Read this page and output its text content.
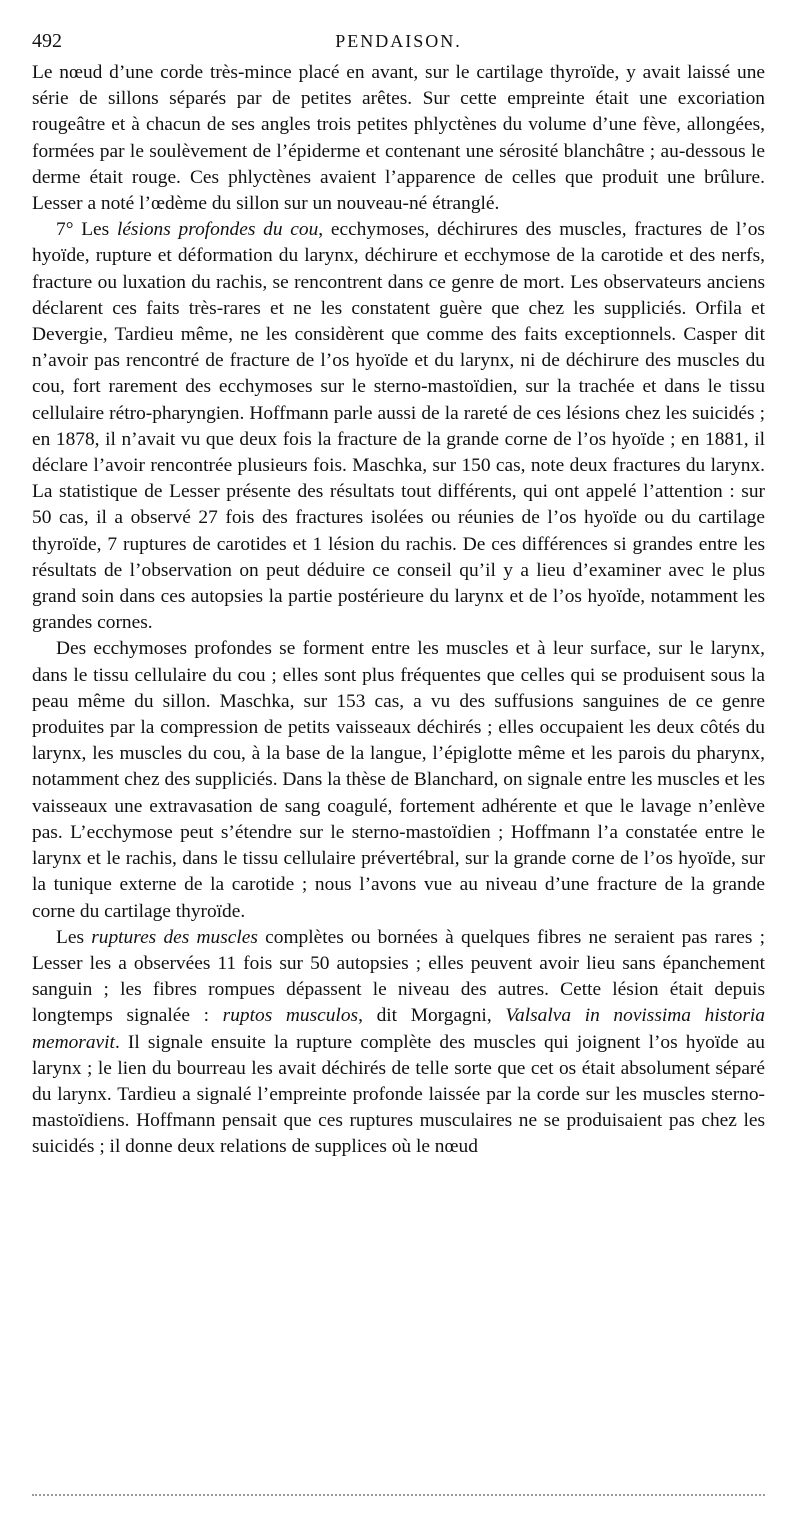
492	PENDAISON.

Le nœud d’une corde très-mince placé en avant, sur le cartilage thyroïde, y avait laissé une série de sillons séparés par de petites arêtes. Sur cette empreinte était une excoriation rougeâtre et à chacun de ses angles trois petites phlyctènes du volume d’une fève, allongées, formées par le soulèvement de l’épiderme et contenant une sérosité blanchâtre ; au-dessous le derme était rouge. Ces phlyctènes avaient l’apparence de celles que produit une brûlure. Lesser a noté l’œdème du sillon sur un nouveau-né étranglé.

7° Les lésions profondes du cou, ecchymoses, déchirures des muscles, fractures de l’os hyoïde, rupture et déformation du larynx, déchirure et ecchymose de la carotide et des nerfs, fracture ou luxation du rachis, se rencontrent dans ce genre de mort. Les observateurs anciens déclarent ces faits très-rares et ne les constatent guère que chez les suppliciés. Orfila et Devergie, Tardieu même, ne les considèrent que comme des faits exceptionnels. Casper dit n’avoir pas rencontré de fracture de l’os hyoïde et du larynx, ni de déchirure des muscles du cou, fort rarement des ecchymoses sur le sterno-mastoïdien, sur la trachée et dans le tissu cellulaire rétro-pharyngien. Hoffmann parle aussi de la rareté de ces lésions chez les suicidés ; en 1878, il n’avait vu que deux fois la fracture de la grande corne de l’os hyoïde ; en 1881, il déclare l’avoir rencontrée plusieurs fois. Maschka, sur 150 cas, note deux fractures du larynx. La statistique de Lesser présente des résultats tout différents, qui ont appelé l’attention : sur 50 cas, il a observé 27 fois des fractures isolées ou réunies de l’os hyoïde ou du cartilage thyroïde, 7 ruptures de carotides et 1 lésion du rachis. De ces différences si grandes entre les résultats de l’observation on peut déduire ce conseil qu’il y a lieu d’examiner avec le plus grand soin dans ces autopsies la partie postérieure du larynx et de l’os hyoïde, notamment les grandes cornes.

Des ecchymoses profondes se forment entre les muscles et à leur surface, sur le larynx, dans le tissu cellulaire du cou ; elles sont plus fréquentes que celles qui se produisent sous la peau même du sillon. Maschka, sur 153 cas, a vu des suffusions sanguines de ce genre produites par la compression de petits vaisseaux déchirés ; elles occupaient les deux côtés du larynx, les muscles du cou, à la base de la langue, l’épiglotte même et les parois du pharynx, notamment chez des suppliciés. Dans la thèse de Blanchard, on signale entre les muscles et les vaisseaux une extravasation de sang coagulé, fortement adhérente et que le lavage n’enlève pas. L’ecchymose peut s’étendre sur le sterno-mastoïdien ; Hoffmann l’a constatée entre le larynx et le rachis, dans le tissu cellulaire prévertébral, sur la grande corne de l’os hyoïde, sur la tunique externe de la carotide ; nous l’avons vue au niveau d’une fracture de la grande corne du cartilage thyroïde.

Les ruptures des muscles complètes ou bornées à quelques fibres ne seraient pas rares ; Lesser les a observées 11 fois sur 50 autopsies ; elles peuvent avoir lieu sans épanchement sanguin ; les fibres rompues dépassent le niveau des autres. Cette lésion était depuis longtemps signalée : ruptos musculos, dit Morgagni, Valsalva in novissima historia memoravit. Il signale ensuite la rupture complète des muscles qui joignent l’os hyoïde au larynx ; le lien du bourreau les avait déchirés de telle sorte que cet os était absolument séparé du larynx. Tardieu a signalé l’empreinte profonde laissée par la corde sur les muscles sterno-mastoïdiens. Hoffmann pensait que ces ruptures musculaires ne se produisaient pas chez les suicidés ; il donne deux relations de supplices où le nœud
